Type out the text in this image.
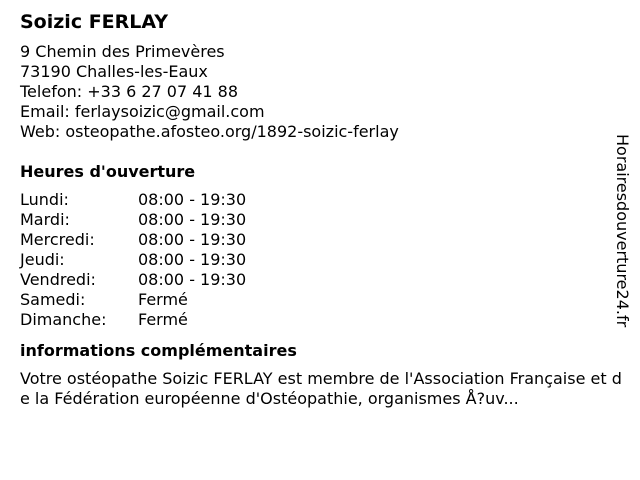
Soizic FERLAY
9 Chemin des Primevères
73190 Challes-les-Eaux
Telefon: +33 6 27 07 41 88
Email: ferlaysoizic@gmail.com
Web: osteopathe.afosteo.org/1892-soizic-ferlay
Heures d'ouverture
Lundi:	08:00 - 19:30
Mardi:	08:00 - 19:30
Mercredi:	08:00 - 19:30
Jeudi:	08:00 - 19:30
Vendredi:	08:00 - 19:30
Samedi:	Fermé
Dimanche:	Fermé
informations complémentaires
Votre ostéopathe Soizic FERLAY est membre de l'Association Française et de la Fédération européenne d'Ostéopathie, organismes Å?uv...
Horairesdouverture24.fr
